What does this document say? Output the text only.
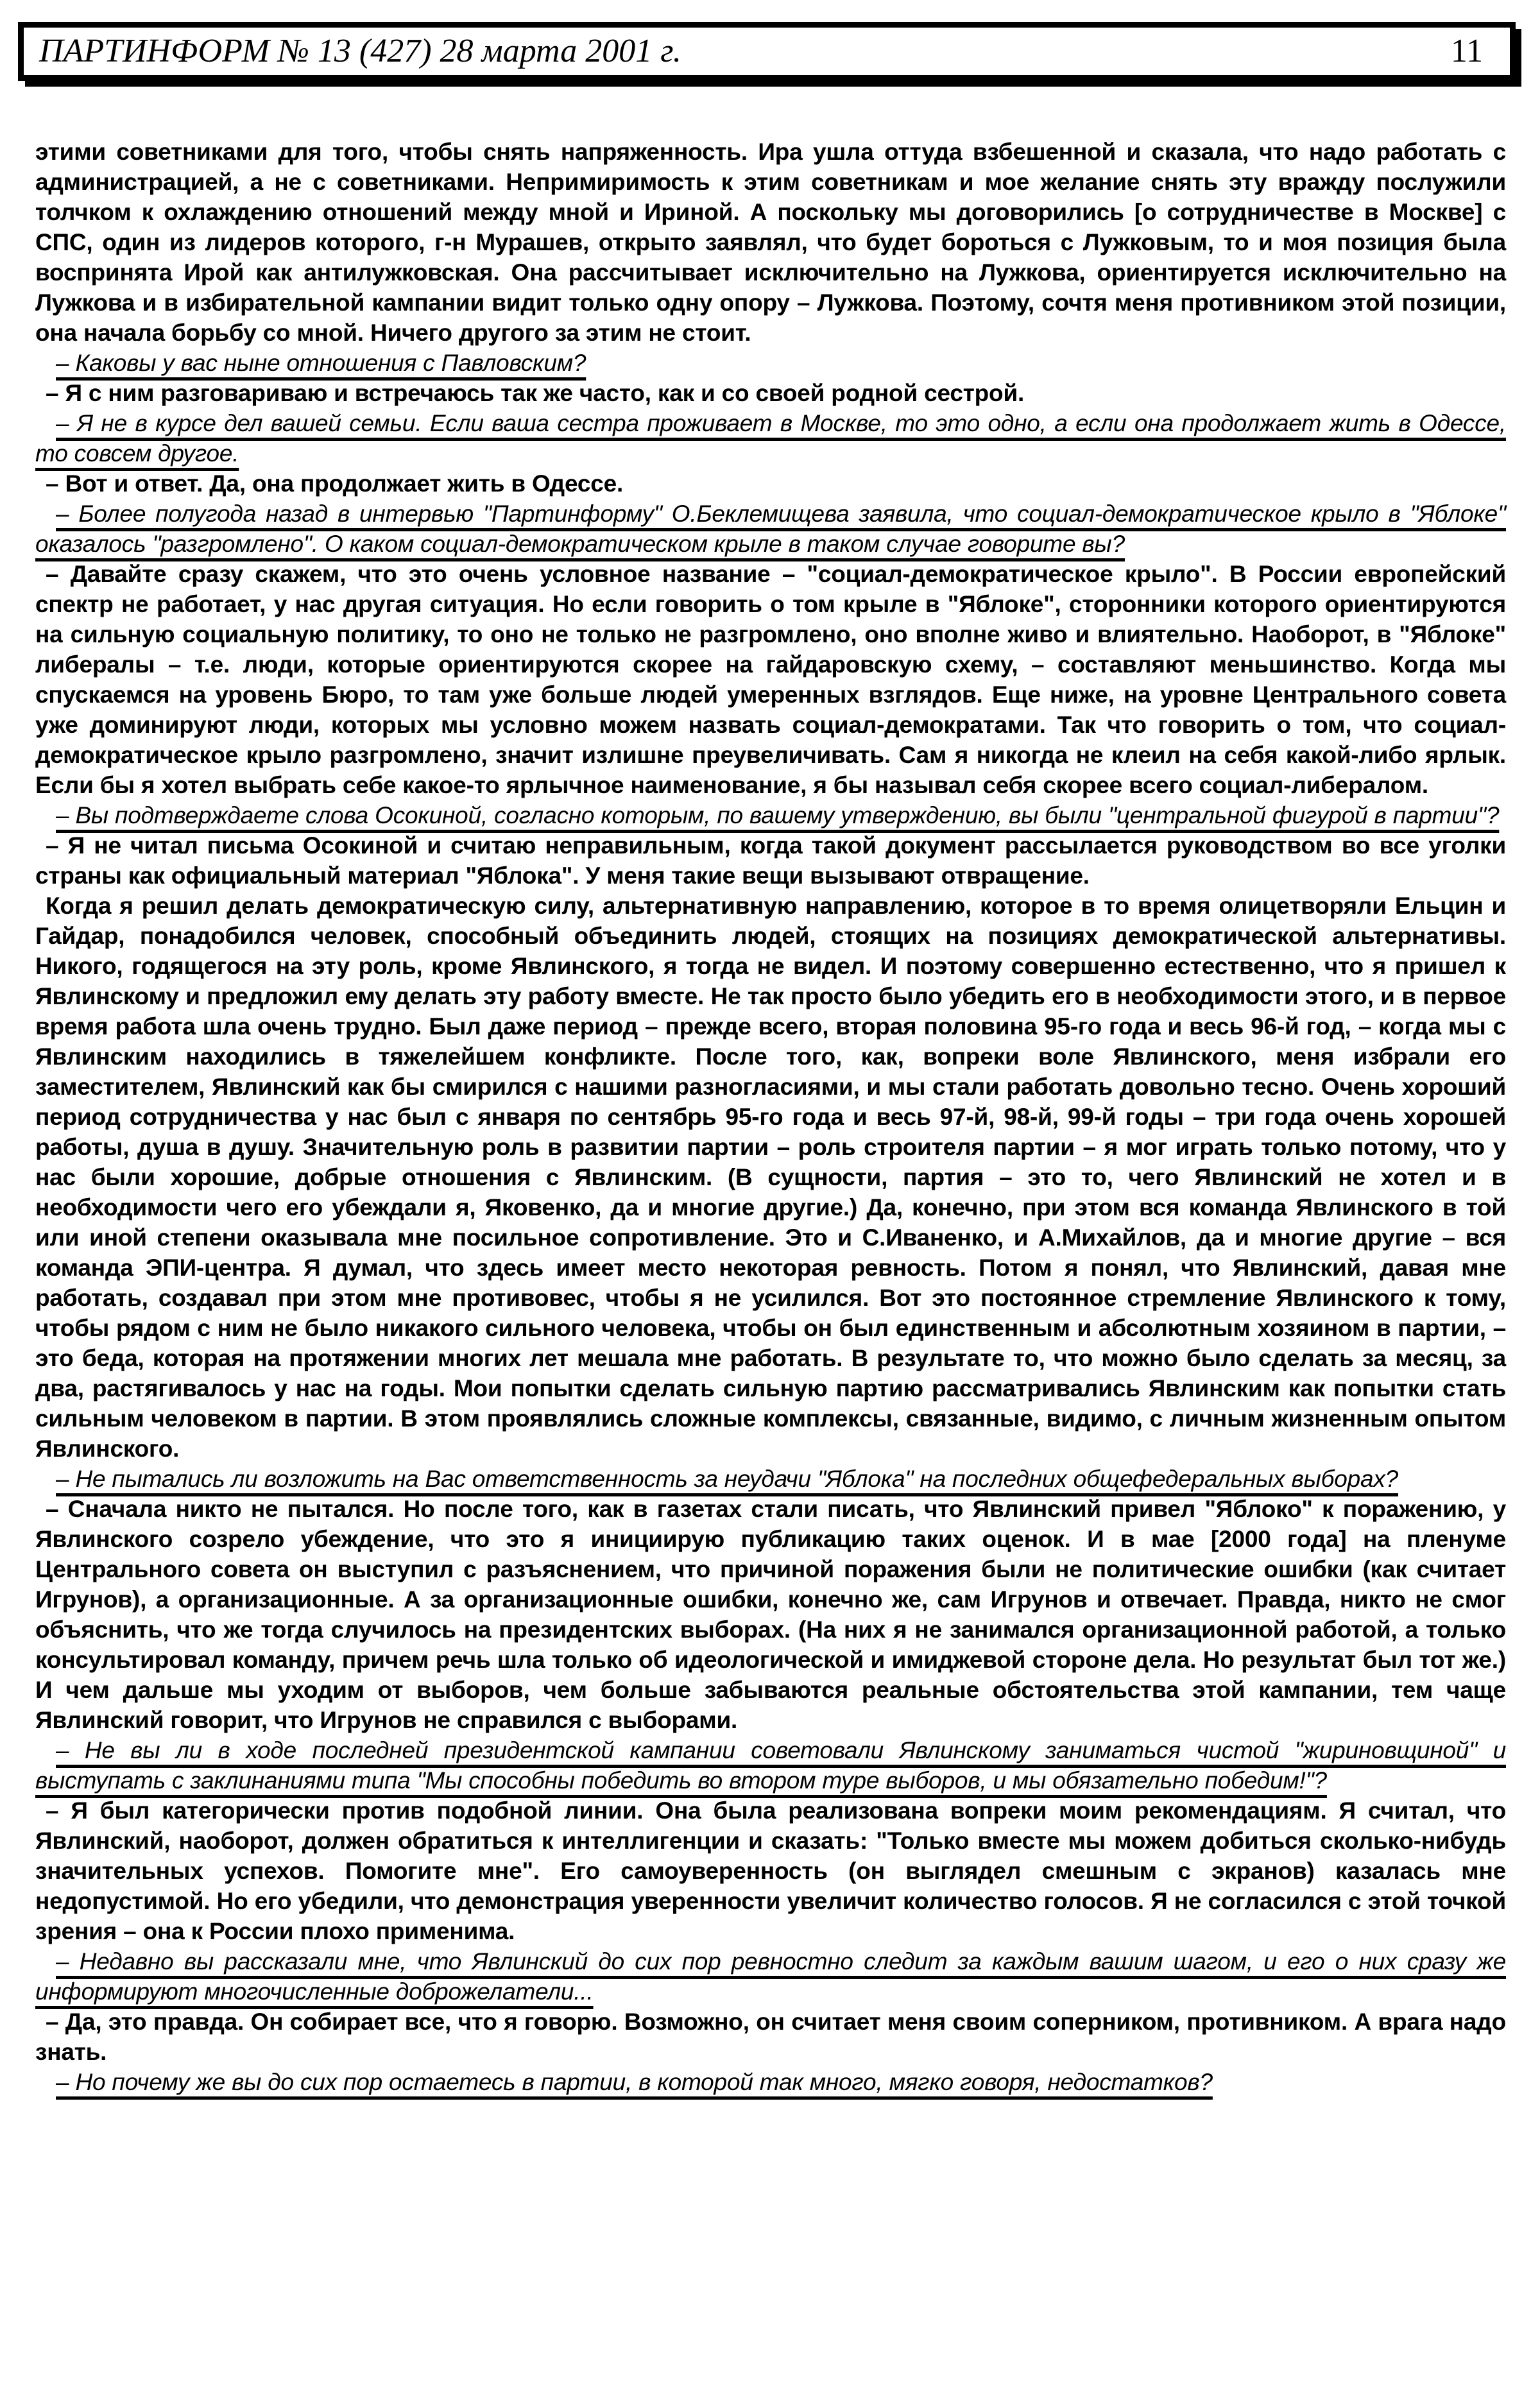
ПАРТИНФОРМ № 13 (427) 28 марта 2001 г.	11

этими советниками для того, чтобы снять напряженность. Ира ушла оттуда взбешенной и сказала, что надо работать с администрацией, а не с советниками. Непримиримость к этим советникам и мое желание снять эту вражду послужили толчком к охлаждению отношений между мной и Ириной. А поскольку мы договорились [о сотрудничестве в Москве] с СПС, один из лидеров которого, г-н Мурашев, открыто заявлял, что будет бороться с Лужковым, то и моя позиция была воспринята Ирой как антилужковская. Она рассчитывает исключительно на Лужкова, ориентируется исключительно на Лужкова и в избирательной кампании видит только одну опору – Лужкова. Поэтому, сочтя меня противником этой позиции, она начала борьбу со мной. Ничего другого за этим не стоит.

– Каковы у вас ныне отношения с Павловским?

– Я с ним разговариваю и встречаюсь так же часто, как и со своей родной сестрой.

– Я не в курсе дел вашей семьи. Если ваша сестра проживает в Москве, то это одно, а если она продолжает жить в Одессе, то совсем другое.

– Вот и ответ. Да, она продолжает жить в Одессе.

– Более полугода назад в интервью "Партинформу" О.Беклемищева заявила, что социал-демократическое крыло в "Яблоке" оказалось "разгромлено". О каком социал-демократическом крыле в таком случае говорите вы?

– Давайте сразу скажем, что это очень условное название – "социал-демократическое крыло". В России европейский спектр не работает, у нас другая ситуация. Но если говорить о том крыле в "Яблоке", сторонники которого ориентируются на сильную социальную политику, то оно не только не разгромлено, оно вполне живо и влиятельно. Наоборот, в "Яблоке" либералы – т.е. люди, которые ориентируются скорее на гайдаровскую схему, – составляют меньшинство. Когда мы спускаемся на уровень Бюро, то там уже больше людей умеренных взглядов. Еще ниже, на уровне Центрального совета уже доминируют люди, которых мы условно можем назвать социал-демократами. Так что говорить о том, что социал-демократическое крыло разгромлено, значит излишне преувеличивать. Сам я никогда не клеил на себя какой-либо ярлык. Если бы я хотел выбрать себе какое-то ярлычное наименование, я бы называл себя скорее всего социал-либералом.

– Вы подтверждаете слова Осокиной, согласно которым, по вашему утверждению, вы были "центральной фигурой в партии"?

– Я не читал письма Осокиной и считаю неправильным, когда такой документ рассылается руководством во все уголки страны как официальный материал "Яблока". У меня такие вещи вызывают отвращение.

Когда я решил делать демократическую силу, альтернативную направлению, которое в то время олицетворяли Ельцин и Гайдар, понадобился человек, способный объединить людей, стоящих на позициях демократической альтернативы. Никого, годящегося на эту роль, кроме Явлинского, я тогда не видел. И поэтому совершенно естественно, что я пришел к Явлинскому и предложил ему делать эту работу вместе. Не так просто было убедить его в необходимости этого, и в первое время работа шла очень трудно. Был даже период – прежде всего, вторая половина 95-го года и весь 96-й год, – когда мы с Явлинским находились в тяжелейшем конфликте. После того, как, вопреки воле Явлинского, меня избрали его заместителем, Явлинский как бы смирился с нашими разногласиями, и мы стали работать довольно тесно. Очень хороший период сотрудничества у нас был с января по сентябрь 95-го года и весь 97-й, 98-й, 99-й годы – три года очень хорошей работы, душа в душу. Значительную роль в развитии партии – роль строителя партии – я мог играть только потому, что у нас были хорошие, добрые отношения с Явлинским. (В сущности, партия – это то, чего Явлинский не хотел и в необходимости чего его убеждали я, Яковенко, да и многие другие.) Да, конечно, при этом вся команда Явлинского в той или иной степени оказывала мне посильное сопротивление. Это и С.Иваненко, и А.Михайлов, да и многие другие – вся команда ЭПИ-центра. Я думал, что здесь имеет место некоторая ревность. Потом я понял, что Явлинский, давая мне работать, создавал при этом мне противовес, чтобы я не усилился. Вот это постоянное стремление Явлинского к тому, чтобы рядом с ним не было никакого сильного человека, чтобы он был единственным и абсолютным хозяином в партии, – это беда, которая на протяжении многих лет мешала мне работать. В результате то, что можно было сделать за месяц, за два, растягивалось у нас на годы. Мои попытки сделать сильную партию рассматривались Явлинским как попытки стать сильным человеком в партии. В этом проявлялись сложные комплексы, связанные, видимо, с личным жизненным опытом Явлинского.

– Не пытались ли возложить на Вас ответственность за неудачи "Яблока" на последних общефедеральных выборах?

– Сначала никто не пытался. Но после того, как в газетах стали писать, что Явлинский привел "Яблоко" к поражению, у Явлинского созрело убеждение, что это я инициирую публикацию таких оценок. И в мае [2000 года] на пленуме Центрального совета он выступил с разъяснением, что причиной поражения были не политические ошибки (как считает Игрунов), а организационные. А за организационные ошибки, конечно же, сам Игрунов и отвечает. Правда, никто не смог объяснить, что же тогда случилось на президентских выборах. (На них я не занимался организационной работой, а только консультировал команду, причем речь шла только об идеологической и имиджевой стороне дела. Но результат был тот же.) И чем дальше мы уходим от выборов, чем больше забываются реальные обстоятельства этой кампании, тем чаще Явлинский говорит, что Игрунов не справился с выборами.

– Не вы ли в ходе последней президентской кампании советовали Явлинскому заниматься чистой "жириновщиной" и выступать с заклинаниями типа "Мы способны победить во втором туре выборов, и мы обязательно победим!"?

– Я был категорически против подобной линии. Она была реализована вопреки моим рекомендациям. Я считал, что Явлинский, наоборот, должен обратиться к интеллигенции и сказать: "Только вместе мы можем добиться сколько-нибудь значительных успехов. Помогите мне". Его самоуверенность (он выглядел смешным с экранов) казалась мне недопустимой. Но его убедили, что демонстрация уверенности увеличит количество голосов. Я не согласился с этой точкой зрения – она к России плохо применима.

– Недавно вы рассказали мне, что Явлинский до сих пор ревностно следит за каждым вашим шагом, и его о них сразу же информируют многочисленные доброжелатели...

– Да, это правда. Он собирает все, что я говорю. Возможно, он считает меня своим соперником, противником. А врага надо знать.

– Но почему же вы до сих пор остаетесь в партии, в которой так много, мягко говоря, недостатков?
